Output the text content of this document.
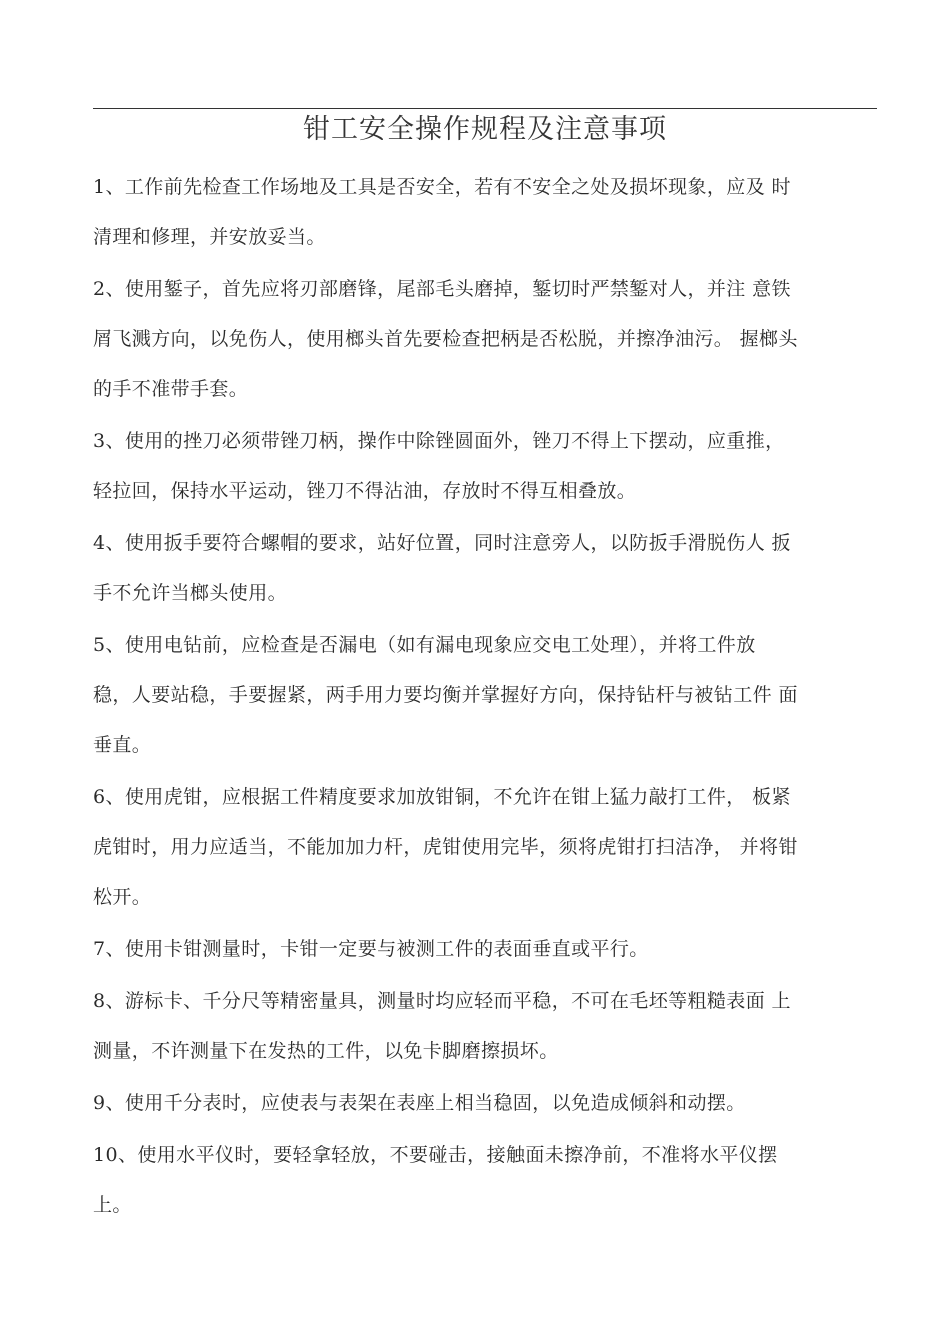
钳工安全操作规程及注意事项

1、工作前先检查工作场地及工具是否安全，若有不安全之处及损坏现象，应及 时
清理和修理，并安放妥当。

2、使用錾子，首先应将刃部磨锋，尾部毛头磨掉，錾切时严禁錾对人，并注 意铁
屑飞溅方向，以免伤人，使用榔头首先要检查把柄是否松脱，并擦净油污。 握榔头
的手不准带手套。

3、使用的挫刀必须带锉刀柄，操作中除锉圆面外，锉刀不得上下摆动，应重推，
轻拉回，保持水平运动，锉刀不得沾油，存放时不得互相叠放。

4、使用扳手要符合螺帽的要求，站好位置，同时注意旁人，以防扳手滑脱伤人 扳
手不允许当榔头使用。

5、使用电钻前，应检查是否漏电（如有漏电现象应交电工处理），并将工件放
稳，人要站稳，手要握紧，两手用力要均衡并掌握好方向，保持钻杆与被钻工件 面
垂直。

6、使用虎钳，应根据工件精度要求加放钳铜，不允许在钳上猛力敲打工件， 板紧
虎钳时，用力应适当，不能加加力杆，虎钳使用完毕，须将虎钳打扫洁净， 并将钳
松开。

7、使用卡钳测量时，卡钳一定要与被测工件的表面垂直或平行。

8、游标卡、千分尺等精密量具，测量时均应轻而平稳，不可在毛坯等粗糙表面 上
测量，不许测量下在发热的工件，以免卡脚磨擦损坏。

9、使用千分表时，应使表与表架在表座上相当稳固，以免造成倾斜和动摆。

10、使用水平仪时，要轻拿轻放，不要碰击，接触面未擦净前，不准将水平仪摆
上。
